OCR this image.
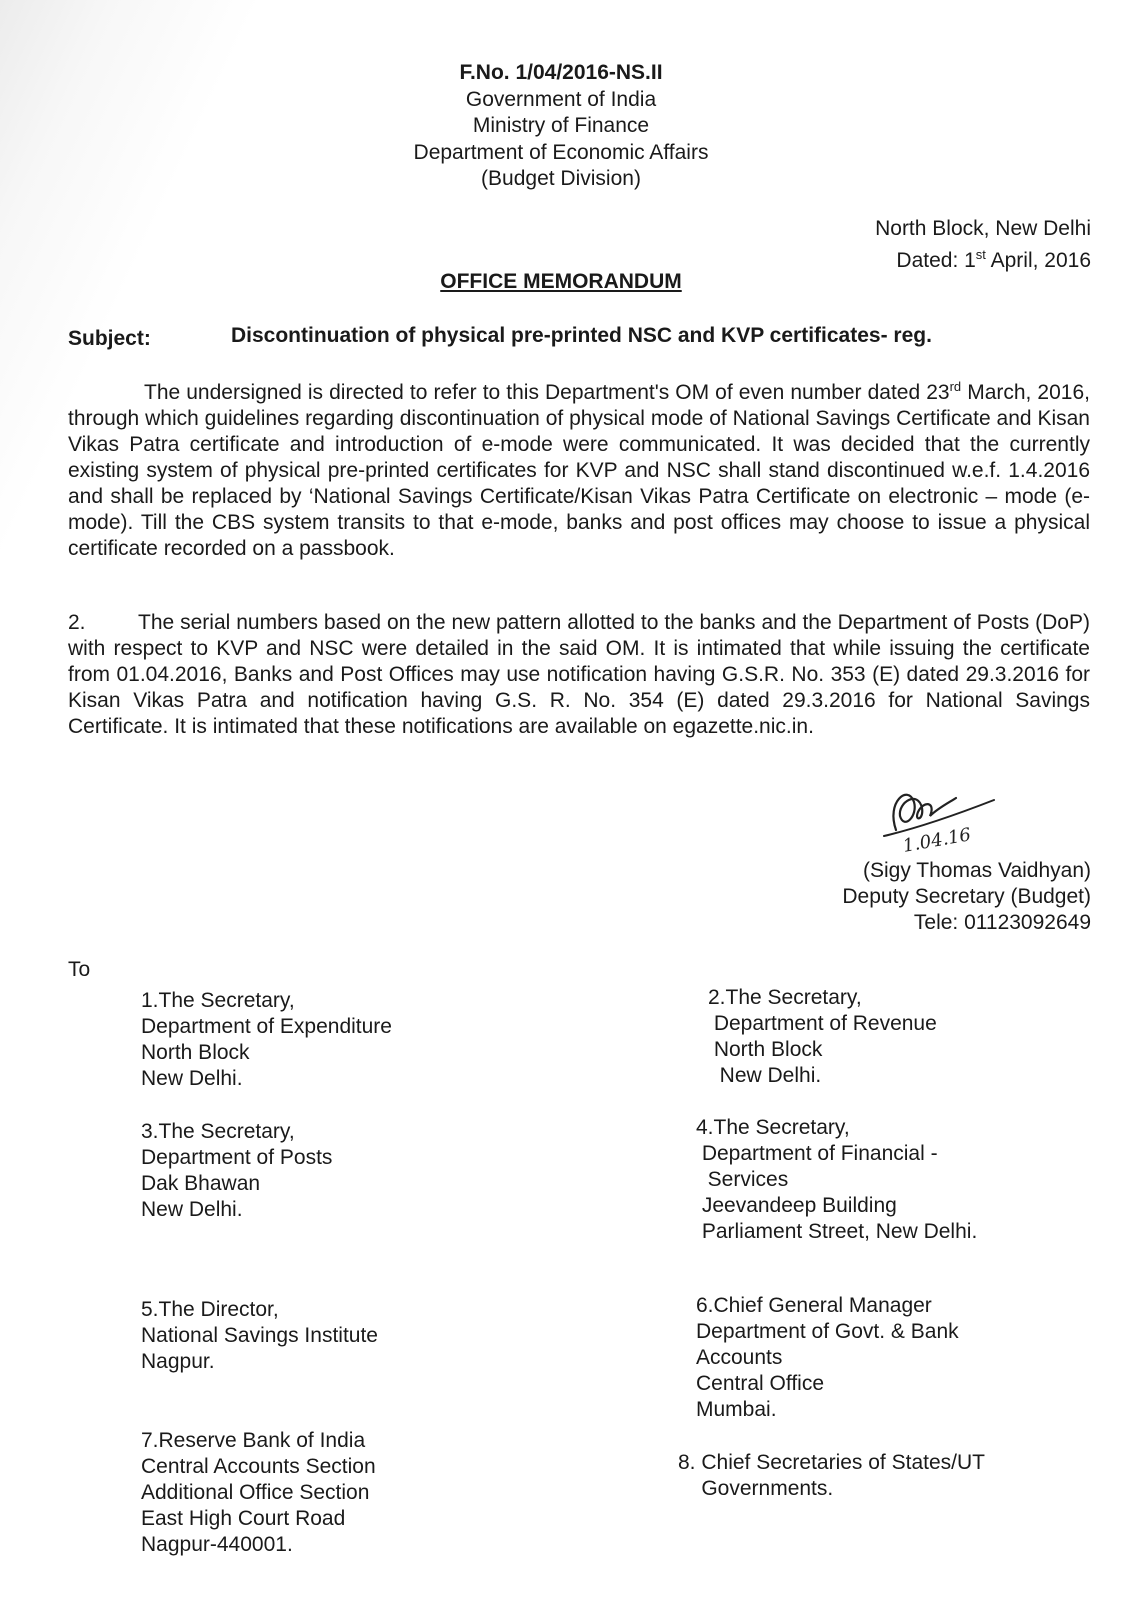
F.No. 1/04/2016-NS.II
Government of India
Ministry of Finance
Department of Economic Affairs
(Budget Division)
North Block, New Delhi
Dated: 1st April, 2016
OFFICE MEMORANDUM
Subject:	Discontinuation of physical pre-printed NSC and KVP certificates- reg.
The undersigned is directed to refer to this Department's OM of even number dated 23rd March, 2016, through which guidelines regarding discontinuation of physical mode of National Savings Certificate and Kisan Vikas Patra certificate and introduction of e-mode were communicated. It was decided that the currently existing system of physical pre-printed certificates for KVP and NSC shall stand discontinued w.e.f. 1.4.2016 and shall be replaced by ‘National Savings Certificate/Kisan Vikas Patra Certificate on electronic – mode (e-mode). Till the CBS system transits to that e-mode, banks and post offices may choose to issue a physical certificate recorded on a passbook.
2. The serial numbers based on the new pattern allotted to the banks and the Department of Posts (DoP) with respect to KVP and NSC were detailed in the said OM. It is intimated that while issuing the certificate from 01.04.2016, Banks and Post Offices may use notification having G.S.R. No. 353 (E) dated 29.3.2016 for Kisan Vikas Patra and notification having G.S. R. No. 354 (E) dated 29.3.2016 for National Savings Certificate. It is intimated that these notifications are available on egazette.nic.in.
1.04.16
(Sigy Thomas Vaidhyan)
Deputy Secretary (Budget)
Tele: 01123092649
To
1.The Secretary,
Department of Expenditure
North Block
New Delhi.
2.The Secretary,
Department of Revenue
North Block
New Delhi.
3.The Secretary,
Department of Posts
Dak Bhawan
New Delhi.
4.The Secretary,
Department of Financial -
Services
Jeevandeep Building
Parliament Street, New Delhi.
5.The Director,
National Savings Institute
Nagpur.
6.Chief General Manager
Department of Govt. & Bank
Accounts
Central Office
Mumbai.
7.Reserve Bank of India
Central Accounts Section
Additional Office Section
East High Court Road
Nagpur-440001.
8. Chief Secretaries of States/UT
Governments.
